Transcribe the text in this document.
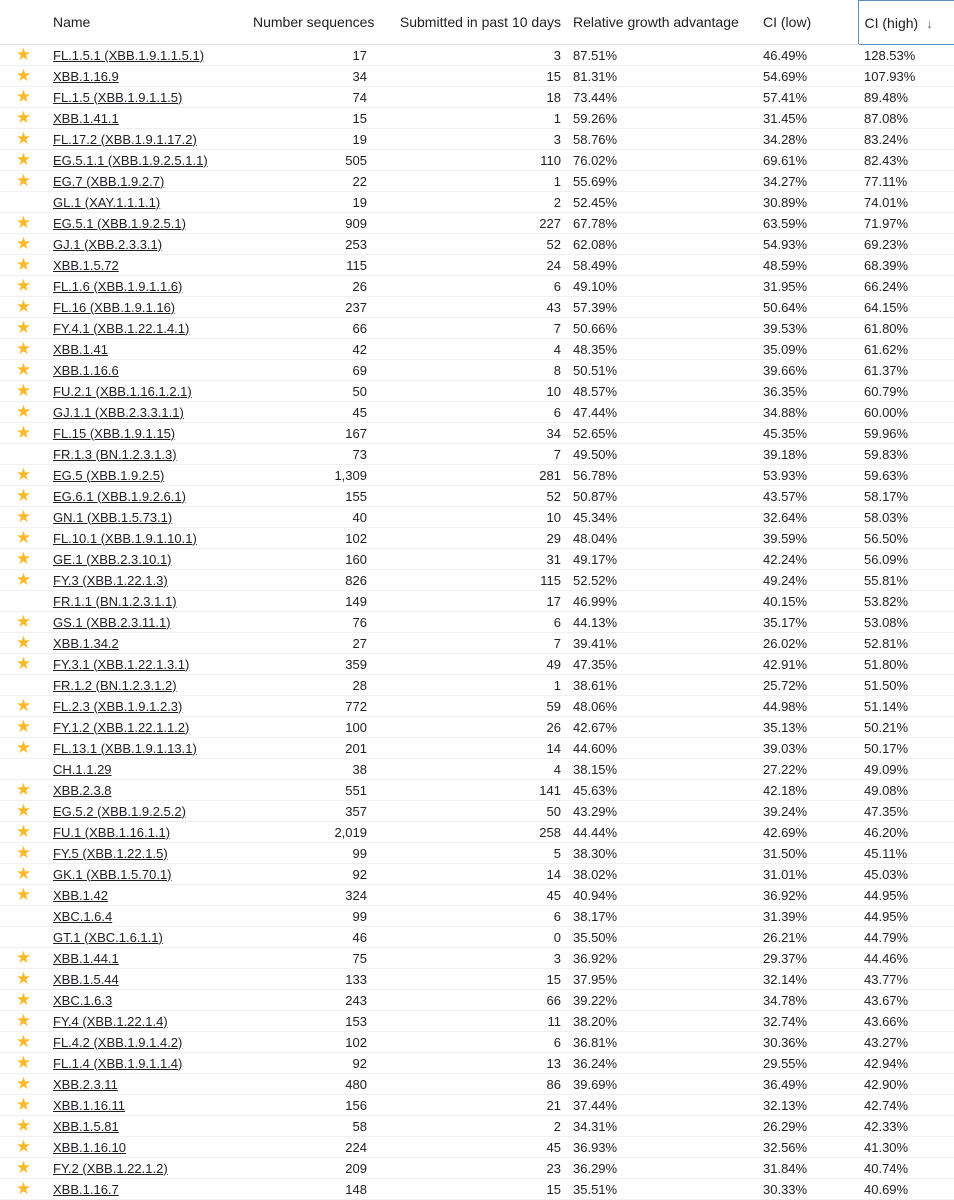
	Name	Number sequences	Submitted in past 10 days	Relative growth advantage	CI (low)	CI (high) ↓
★	FL.1.5.1 (XBB.1.9.1.1.5.1)	17	3	87.51%	46.49%	128.53%
★	XBB.1.16.9	34	15	81.31%	54.69%	107.93%
★	FL.1.5 (XBB.1.9.1.1.5)	74	18	73.44%	57.41%	89.48%
★	XBB.1.41.1	15	1	59.26%	31.45%	87.08%
★	FL.17.2 (XBB.1.9.1.17.2)	19	3	58.76%	34.28%	83.24%
★	EG.5.1.1 (XBB.1.9.2.5.1.1)	505	110	76.02%	69.61%	82.43%
★	EG.7 (XBB.1.9.2.7)	22	1	55.69%	34.27%	77.11%
	GL.1 (XAY.1.1.1.1)	19	2	52.45%	30.89%	74.01%
★	EG.5.1 (XBB.1.9.2.5.1)	909	227	67.78%	63.59%	71.97%
★	GJ.1 (XBB.2.3.3.1)	253	52	62.08%	54.93%	69.23%
★	XBB.1.5.72	115	24	58.49%	48.59%	68.39%
★	FL.1.6 (XBB.1.9.1.1.6)	26	6	49.10%	31.95%	66.24%
★	FL.16 (XBB.1.9.1.16)	237	43	57.39%	50.64%	64.15%
★	FY.4.1 (XBB.1.22.1.4.1)	66	7	50.66%	39.53%	61.80%
★	XBB.1.41	42	4	48.35%	35.09%	61.62%
★	XBB.1.16.6	69	8	50.51%	39.66%	61.37%
★	FU.2.1 (XBB.1.16.1.2.1)	50	10	48.57%	36.35%	60.79%
★	GJ.1.1 (XBB.2.3.3.1.1)	45	6	47.44%	34.88%	60.00%
★	FL.15 (XBB.1.9.1.15)	167	34	52.65%	45.35%	59.96%
	FR.1.3 (BN.1.2.3.1.3)	73	7	49.50%	39.18%	59.83%
★	EG.5 (XBB.1.9.2.5)	1,309	281	56.78%	53.93%	59.63%
★	EG.6.1 (XBB.1.9.2.6.1)	155	52	50.87%	43.57%	58.17%
★	GN.1 (XBB.1.5.73.1)	40	10	45.34%	32.64%	58.03%
★	FL.10.1 (XBB.1.9.1.10.1)	102	29	48.04%	39.59%	56.50%
★	GE.1 (XBB.2.3.10.1)	160	31	49.17%	42.24%	56.09%
★	FY.3 (XBB.1.22.1.3)	826	115	52.52%	49.24%	55.81%
	FR.1.1 (BN.1.2.3.1.1)	149	17	46.99%	40.15%	53.82%
★	GS.1 (XBB.2.3.11.1)	76	6	44.13%	35.17%	53.08%
★	XBB.1.34.2	27	7	39.41%	26.02%	52.81%
★	FY.3.1 (XBB.1.22.1.3.1)	359	49	47.35%	42.91%	51.80%
	FR.1.2 (BN.1.2.3.1.2)	28	1	38.61%	25.72%	51.50%
★	FL.2.3 (XBB.1.9.1.2.3)	772	59	48.06%	44.98%	51.14%
★	FY.1.2 (XBB.1.22.1.1.2)	100	26	42.67%	35.13%	50.21%
★	FL.13.1 (XBB.1.9.1.13.1)	201	14	44.60%	39.03%	50.17%
	CH.1.1.29	38	4	38.15%	27.22%	49.09%
★	XBB.2.3.8	551	141	45.63%	42.18%	49.08%
★	EG.5.2 (XBB.1.9.2.5.2)	357	50	43.29%	39.24%	47.35%
★	FU.1 (XBB.1.16.1.1)	2,019	258	44.44%	42.69%	46.20%
★	FY.5 (XBB.1.22.1.5)	99	5	38.30%	31.50%	45.11%
★	GK.1 (XBB.1.5.70.1)	92	14	38.02%	31.01%	45.03%
★	XBB.1.42	324	45	40.94%	36.92%	44.95%
	XBC.1.6.4	99	6	38.17%	31.39%	44.95%
	GT.1 (XBC.1.6.1.1)	46	0	35.50%	26.21%	44.79%
★	XBB.1.44.1	75	3	36.92%	29.37%	44.46%
★	XBB.1.5.44	133	15	37.95%	32.14%	43.77%
★	XBC.1.6.3	243	66	39.22%	34.78%	43.67%
★	FY.4 (XBB.1.22.1.4)	153	11	38.20%	32.74%	43.66%
★	FL.4.2 (XBB.1.9.1.4.2)	102	6	36.81%	30.36%	43.27%
★	FL.1.4 (XBB.1.9.1.1.4)	92	13	36.24%	29.55%	42.94%
★	XBB.2.3.11	480	86	39.69%	36.49%	42.90%
★	XBB.1.16.11	156	21	37.44%	32.13%	42.74%
★	XBB.1.5.81	58	2	34.31%	26.29%	42.33%
★	XBB.1.16.10	224	45	36.93%	32.56%	41.30%
★	FY.2 (XBB.1.22.1.2)	209	23	36.29%	31.84%	40.74%
★	XBB.1.16.7	148	15	35.51%	30.33%	40.69%
